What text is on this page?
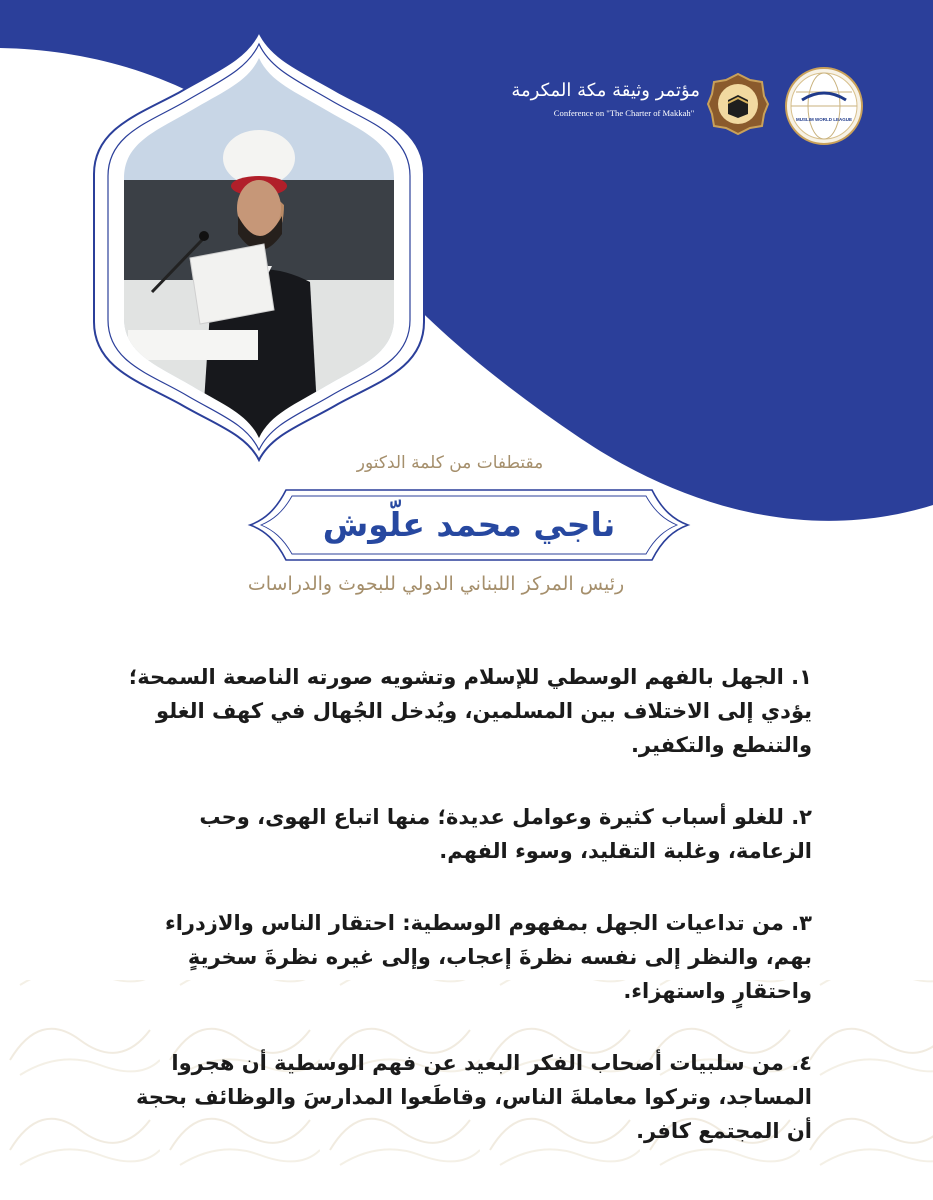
مؤتمر وثيقة مكة المكرمة
Conference on "The Charter of Makkah"
MUSLIM WORLD LEAGUE
مقتطفات من كلمة الدكتور
ناجي محمد علّوش
رئيس المركز اللبناني الدولي للبحوث والدراسات

١. الجهل بالفهم الوسطي للإسلام وتشويه صورته الناصعة السمحة؛ يؤدي إلى الاختلاف بين المسلمين، ويُدخل الجُهال في كهف الغلو والتنطع والتكفير.

٢. للغلو أسباب كثيرة وعوامل عديدة؛ منها اتباع الهوى، وحب الزعامة، وغلبة التقليد، وسوء الفهم.

٣. من تداعيات الجهل بمفهوم الوسطية: احتقار الناس والازدراء بهم، والنظر إلى نفسه نظرةَ إعجاب، وإلى غيره نظرةَ سخريةٍ واحتقارٍ واستهزاء.

٤. من سلبيات أصحاب الفكر البعيد عن فهم الوسطية أن هجروا المساجد، وتركوا معاملةَ الناس، وقاطَعوا المدارسَ والوظائف بحجة أن المجتمع كافر.
